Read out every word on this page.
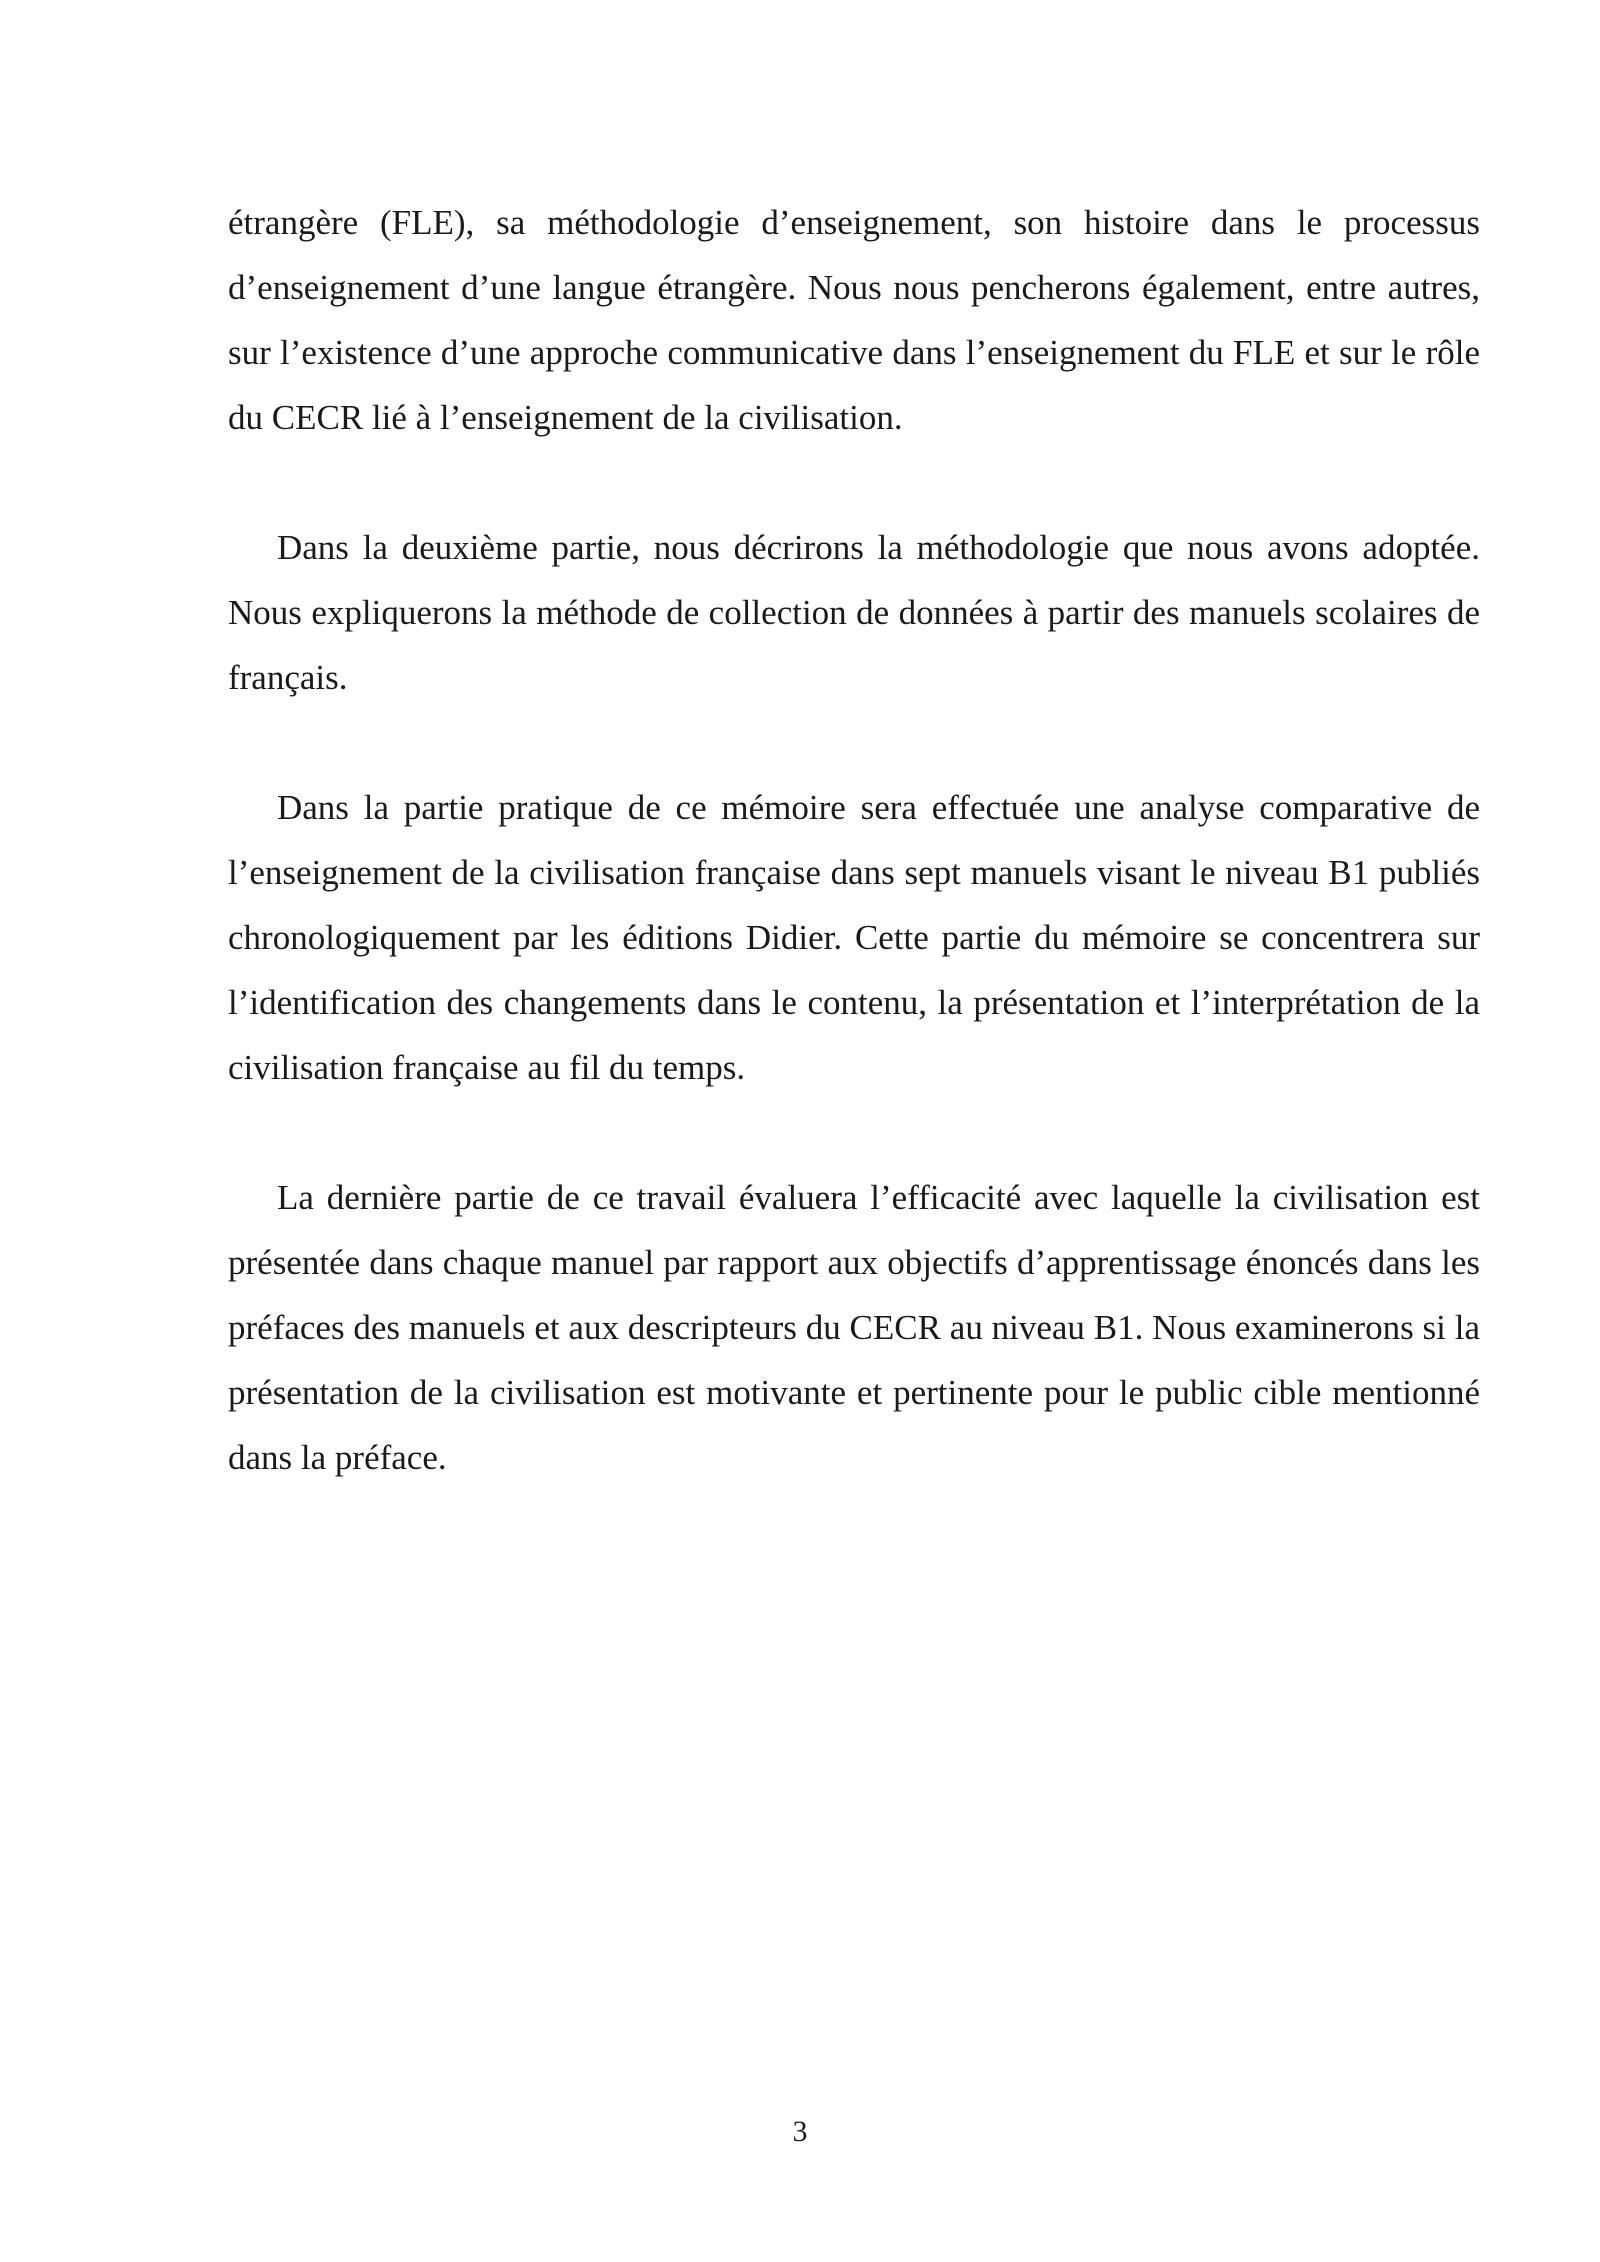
étrangère (FLE), sa méthodologie d’enseignement, son histoire dans le processus d’enseignement d’une langue étrangère. Nous nous pencherons également, entre autres, sur l’existence d’une approche communicative dans l’enseignement du FLE et sur le rôle du CECR lié à l’enseignement de la civilisation.

Dans la deuxième partie, nous décrirons la méthodologie que nous avons adoptée. Nous expliquerons la méthode de collection de données à partir des manuels scolaires de français.

Dans la partie pratique de ce mémoire sera effectuée une analyse comparative de l’enseignement de la civilisation française dans sept manuels visant le niveau B1 publiés chronologiquement par les éditions Didier. Cette partie du mémoire se concentrera sur l’identification des changements dans le contenu, la présentation et l’interprétation de la civilisation française au fil du temps.

La dernière partie de ce travail évaluera l’efficacité avec laquelle la civilisation est présentée dans chaque manuel par rapport aux objectifs d’apprentissage énoncés dans les préfaces des manuels et aux descripteurs du CECR au niveau B1. Nous examinerons si la présentation de la civilisation est motivante et pertinente pour le public cible mentionné dans la préface.

3
